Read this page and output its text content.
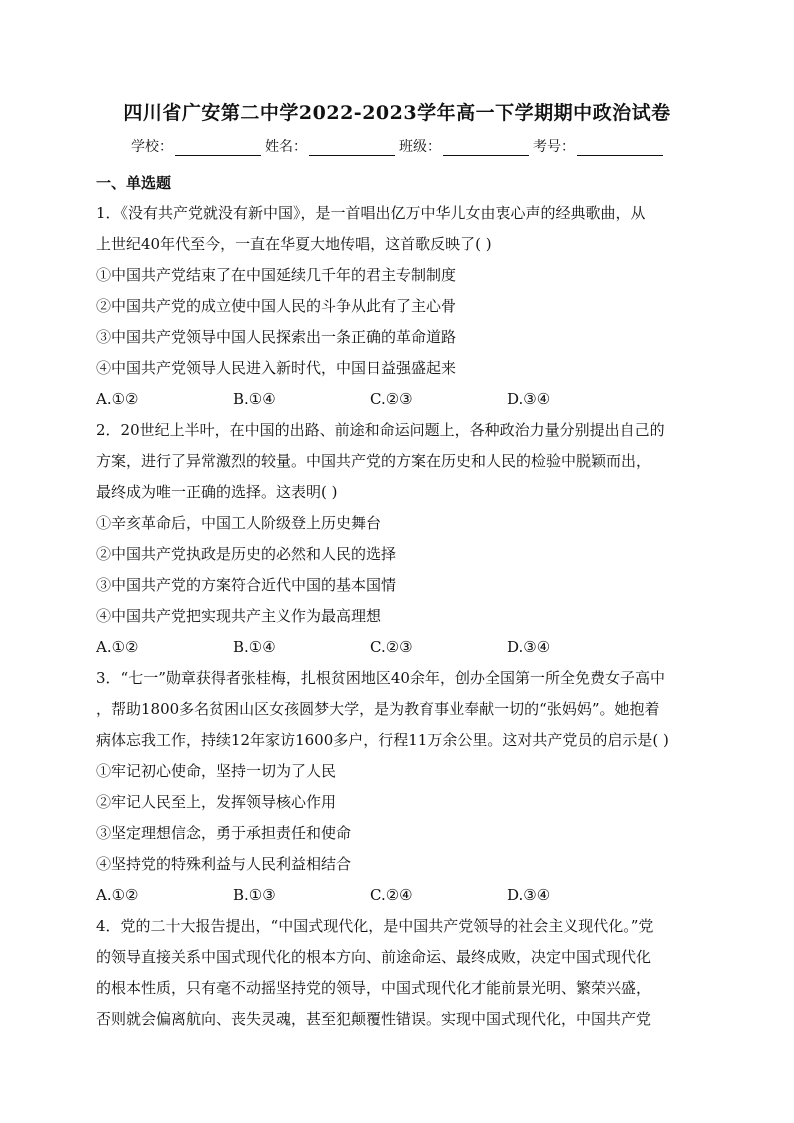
四川省广安第二中学2022-2023学年高一下学期期中政治试卷
学校：	姓名：	班级：	考号：
一、单选题

1．《没有共产党就没有新中国》，是一首唱出亿万中华儿女由衷心声的经典歌曲，从

上世纪40年代至今，一直在华夏大地传唱，这首歌反映了( )

①中国共产党结束了在中国延续几千年的君主专制制度

②中国共产党的成立使中国人民的斗争从此有了主心骨

③中国共产党领导中国人民探索出一条正确的革命道路

④中国共产党领导人民进入新时代，中国日益强盛起来

A.①②	B.①④	C.②③	D.③④

2．20世纪上半叶，在中国的出路、前途和命运问题上，各种政治力量分别提出自己的

方案，进行了异常激烈的较量。中国共产党的方案在历史和人民的检验中脱颖而出，

最终成为唯一正确的选择。这表明( )

①辛亥革命后，中国工人阶级登上历史舞台

②中国共产党执政是历史的必然和人民的选择

③中国共产党的方案符合近代中国的基本国情

④中国共产党把实现共产主义作为最高理想

A.①②	B.①④	C.②③	D.③④

3．“七一”勋章获得者张桂梅，扎根贫困地区40余年，创办全国第一所全免费女子高中

，帮助1800多名贫困山区女孩圆梦大学，是为教育事业奉献一切的“张妈妈”。她抱着

病体忘我工作，持续12年家访1600多户，行程11万余公里。这对共产党员的启示是( )

①牢记初心使命，坚持一切为了人民

②牢记人民至上，发挥领导核心作用

③坚定理想信念，勇于承担责任和使命

④坚持党的特殊利益与人民利益相结合

A.①②	B.①③	C.②④	D.③④

4．党的二十大报告提出，“中国式现代化，是中国共产党领导的社会主义现代化。”党

的领导直接关系中国式现代化的根本方向、前途命运、最终成败，决定中国式现代化

的根本性质，只有毫不动摇坚持党的领导，中国式现代化才能前景光明、繁荣兴盛，

否则就会偏离航向、丧失灵魂，甚至犯颠覆性错误。实现中国式现代化，中国共产党
